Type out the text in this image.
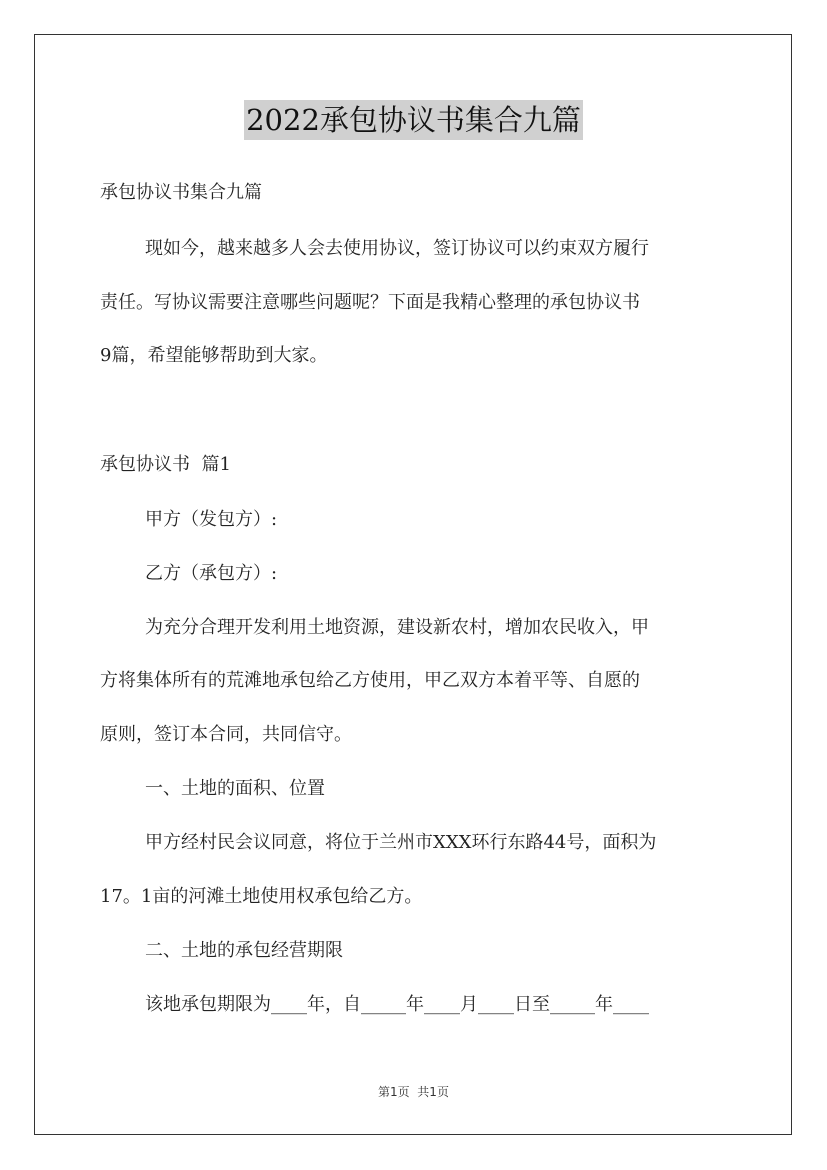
2022承包协议书集合九篇
承包协议书集合九篇
现如今，越来越多人会去使用协议，签订协议可以约束双方履行
责任。写协议需要注意哪些问题呢？下面是我精心整理的承包协议书
9篇，希望能够帮助到大家。
承包协议书  篇1
甲方（发包方）:
乙方（承包方）:
为充分合理开发利用土地资源，建设新农村，增加农民收入，甲
方将集体所有的荒滩地承包给乙方使用，甲乙双方本着平等、自愿的
原则，签订本合同，共同信守。
一、土地的面积、位置
甲方经村民会议同意，将位于兰州市XXX环行东路44号，面积为
17。1亩的河滩土地使用权承包给乙方。
二、土地的承包经营期限
该地承包期限为____年，自_____年____月____日至_____年____
第1页  共1页
